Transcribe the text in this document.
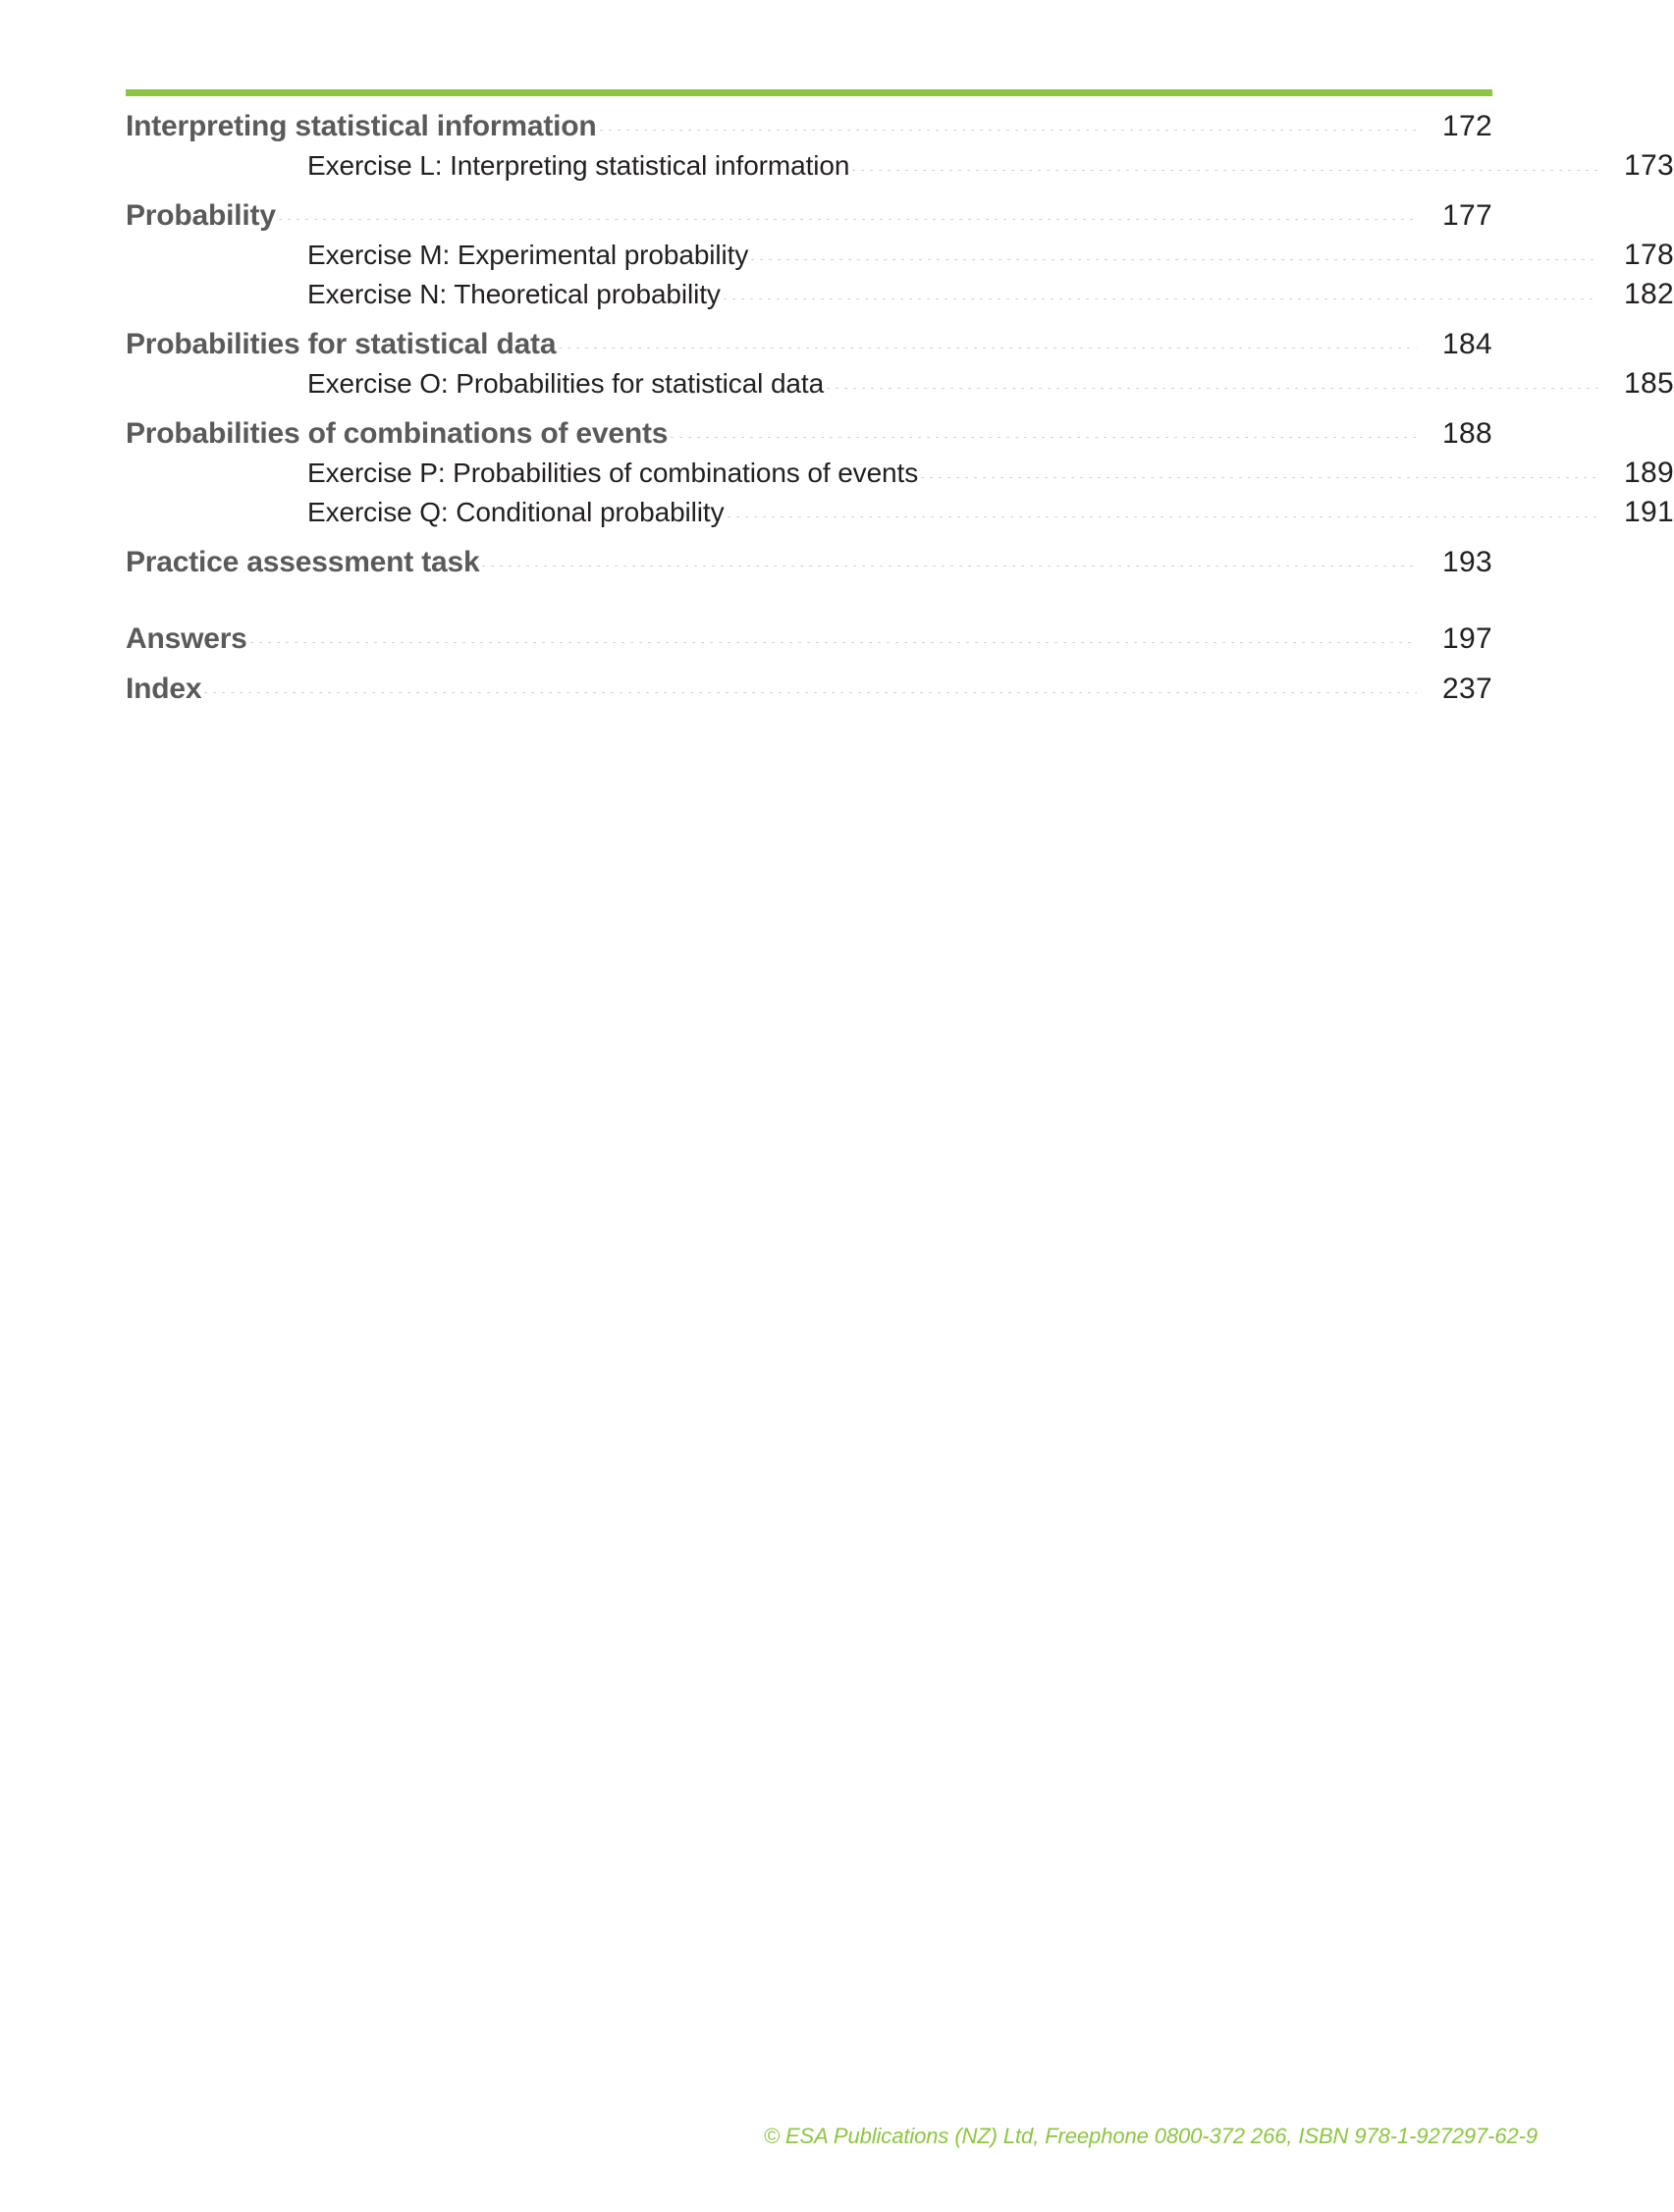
Interpreting statistical information	172
Exercise L: Interpreting statistical information	173
Probability	177
Exercise M: Experimental probability	178
Exercise N: Theoretical probability	182
Probabilities for statistical data	184
Exercise O: Probabilities for statistical data	185
Probabilities of combinations of events	188
Exercise P: Probabilities of combinations of events	189
Exercise Q: Conditional probability	191
Practice assessment task	193
Answers	197
Index	237
© ESA Publications (NZ) Ltd, Freephone 0800-372 266, ISBN 978-1-927297-62-9
